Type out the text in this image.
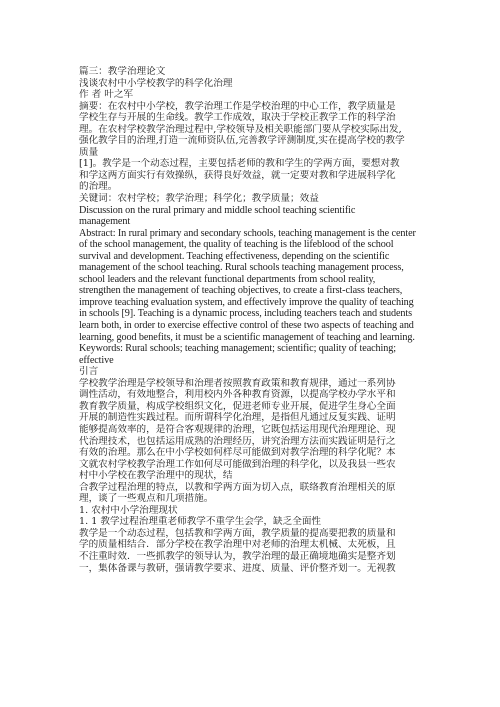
篇三：教学治理论文
浅谈农村中小学校教学的科学化治理
作 者 叶之军
摘要：在农村中小学校，教学治理工作是学校治理的中心工作，教学质量是
学校生存与开展的生命线。教学工作成效，取决于学校正教学工作的科学治
理。在农村学校教学治理过程中,学校领导及相关职能部门要从学校实际出发,
强化教学目的治理,打造一流师资队伍,完善教学评测制度,实在提高学校的教学
质量
[1]。教学是一个动态过程，主要包括老师的教和学生的学两方面，要想对教
和学这两方面实行有效操纵，获得良好效益，就一定要对教和学进展科学化
的治理。
关键词：农村学校；教学治理；科学化；教学质量；效益
Discussion on the rural primary and middle school teaching scientific
management
Abstract: In rural primary and secondary schools, teaching management is the center
of the school management, the quality of teaching is the lifeblood of the school
survival and development. Teaching effectiveness, depending on the scientific
management of the school teaching. Rural schools teaching management process,
school leaders and the relevant functional departments from school reality,
strengthen the management of teaching objectives, to create a first-class teachers,
improve teaching evaluation system, and effectively improve the quality of teaching
in schools [9]. Teaching is a dynamic process, including teachers teach and students
learn both, in order to exercise effective control of these two aspects of teaching and
learning, good benefits, it must be a scientific management of teaching and learning.
Keywords: Rural schools; teaching management; scientific; quality of teaching;
effective
引言
学校教学治理是学校领导和治理者按照教育政策和教育规律，通过一系列协
调性活动，有效地整合，利用校内外各种教育资源，以提高学校办学水平和
教育教学质量，构成学校组织文化，促进老师专业开展，促进学生身心全面
开展的制造性实践过程。而所谓科学化治理，是指但凡通过反复实践、证明
能够提高效率的，是符合客观规律的治理，它既包括运用现代治理理论、现
代治理技术，也包括运用成熟的治理经历，讲究治理方法而实践证明是行之
有效的治理。那么在中小学校如何样尽可能做到对教学治理的科学化呢？本
文就农村学校教学治理工作如何尽可能做到治理的科学化，以及我县一些农
村中小学校在教学治理中的现状，结
合教学过程治理的特点，以教和学两方面为切入点，联络教育治理相关的原
理，谈了一些观点和几项措施。
1. 农村中小学治理现状
1. 1 教学过程治理重老师教学不重学生会学，缺乏全面性
教学是一个动态过程，包括教和学两方面，教学质量的提高要把教的质量和
学的质量相结合．部分学校在教学治理中对老师的治理太机械、太死板，且
不注重时效．一些抓教学的领导认为，教学治理的最正确境地确实是整齐划
一，集体备课与教研，强请教学要求、进度、质量、评价整齐划一。无视教
